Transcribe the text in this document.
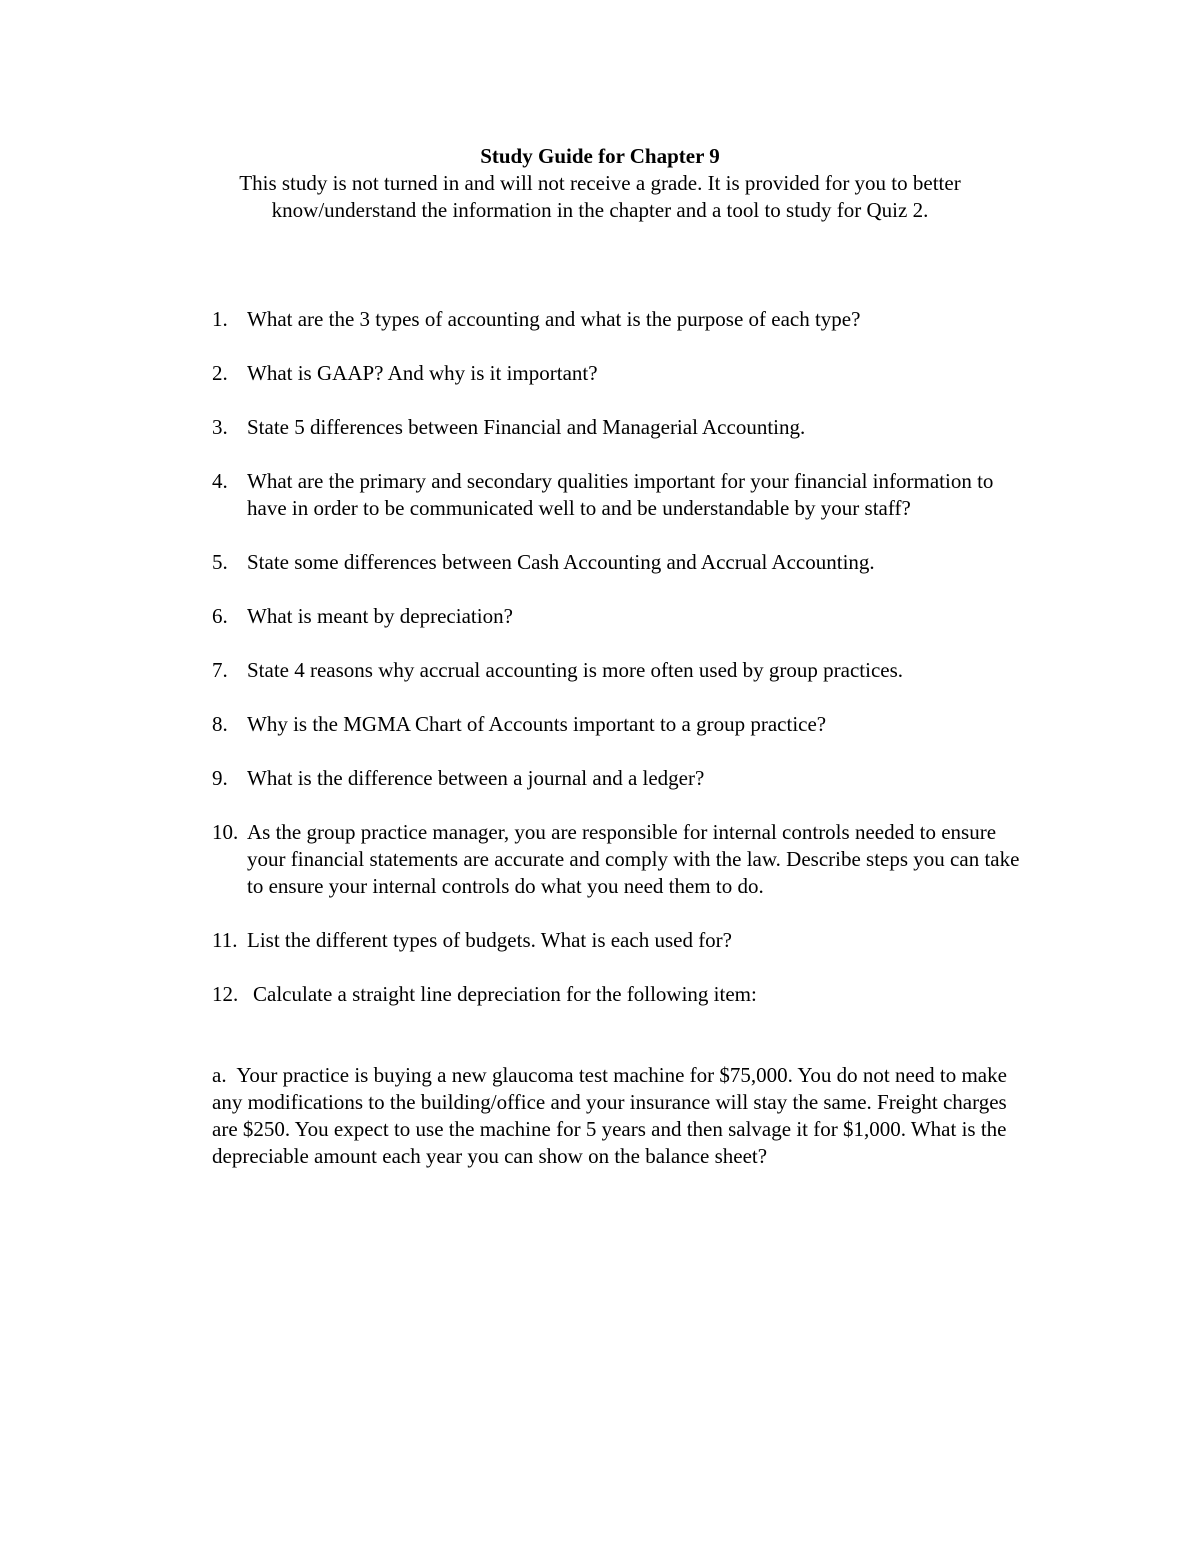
Study Guide for Chapter 9
This study is not turned in and will not receive a grade. It is provided for you to better
know/understand the information in the chapter and a tool to study for Quiz 2.
1. What are the 3 types of accounting and what is the purpose of each type?
2. What is GAAP? And why is it important?
3. State 5 differences between Financial and Managerial Accounting.
4. What are the primary and secondary qualities important for your financial information to have in order to be communicated well to and be understandable by your staff?
5. State some differences between Cash Accounting and Accrual Accounting.
6. What is meant by depreciation?
7. State 4 reasons why accrual accounting is more often used by group practices.
8. Why is the MGMA Chart of Accounts important to a group practice?
9. What is the difference between a journal and a ledger?
10. As the group practice manager, you are responsible for internal controls needed to ensure your financial statements are accurate and comply with the law. Describe steps you can take to ensure your internal controls do what you need them to do.
11. List the different types of budgets. What is each used for?
12. Calculate a straight line depreciation for the following item:
a. Your practice is buying a new glaucoma test machine for $75,000. You do not need to make any modifications to the building/office and your insurance will stay the same. Freight charges are $250. You expect to use the machine for 5 years and then salvage it for $1,000. What is the depreciable amount each year you can show on the balance sheet?
